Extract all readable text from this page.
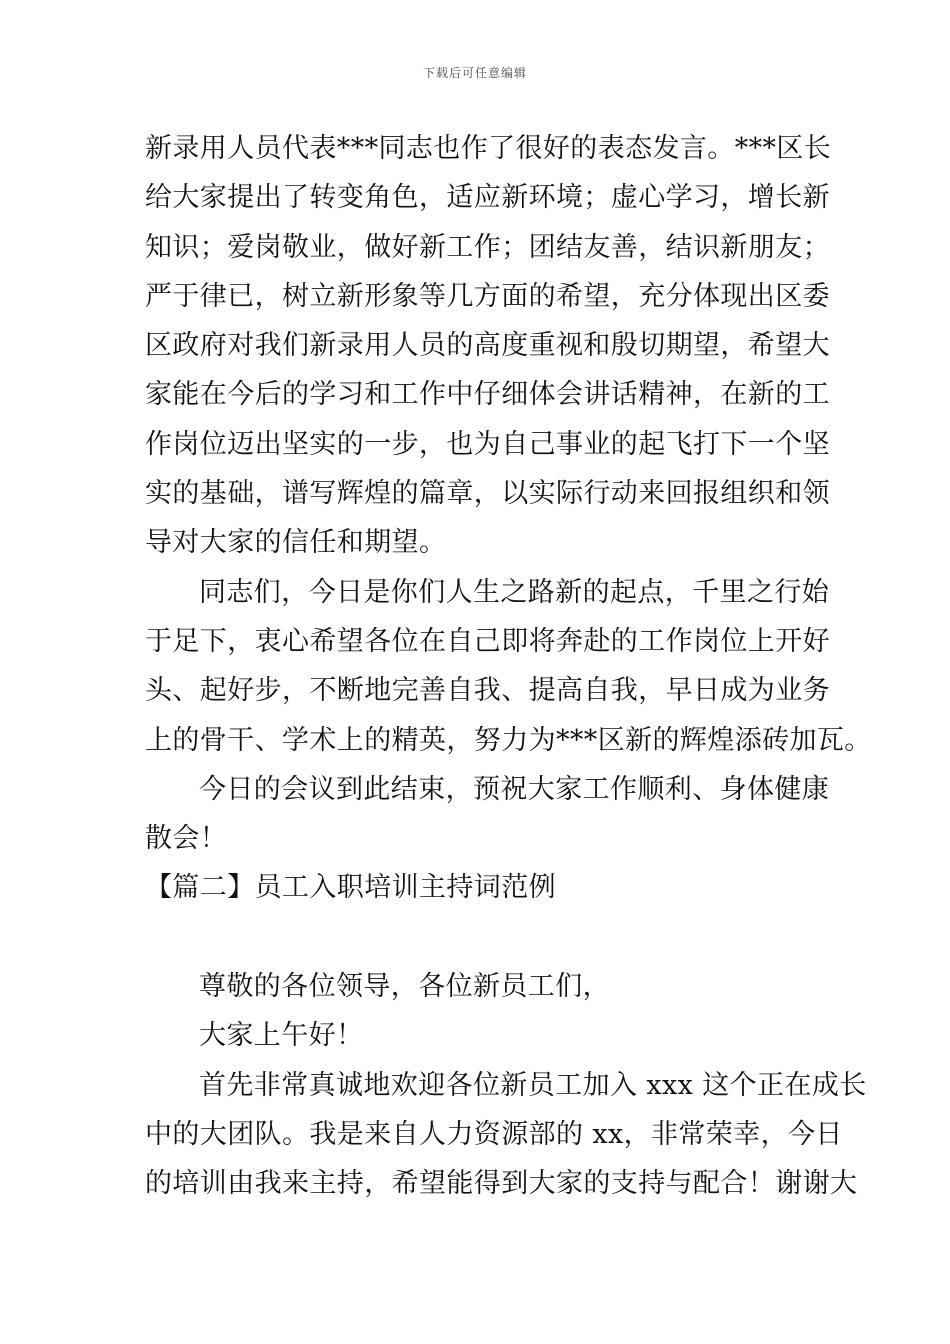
下载后可任意编辑
新录用人员代表***同志也作了很好的表态发言。***区长
给大家提出了转变角色，适应新环境；虚心学习，增长新
知识；爱岗敬业，做好新工作；团结友善，结识新朋友；
严于律已，树立新形象等几方面的希望，充分体现出区委
区政府对我们新录用人员的高度重视和殷切期望，希望大
家能在今后的学习和工作中仔细体会讲话精神，在新的工
作岗位迈出坚实的一步，也为自己事业的起飞打下一个坚
实的基础，谱写辉煌的篇章，以实际行动来回报组织和领
导对大家的信任和期望。
同志们，今日是你们人生之路新的起点，千里之行始
于足下，衷心希望各位在自己即将奔赴的工作岗位上开好
头、起好步，不断地完善自我、提高自我，早日成为业务
上的骨干、学术上的精英，努力为***区新的辉煌添砖加瓦。
今日的会议到此结束，预祝大家工作顺利、身体健康
散会！
【篇二】员工入职培训主持词范例
尊敬的各位领导，各位新员工们，
大家上午好！
首先非常真诚地欢迎各位新员工加入 xxx 这个正在成长
中的大团队。我是来自人力资源部的 xx，非常荣幸，今日
的培训由我来主持，希望能得到大家的支持与配合！谢谢大
